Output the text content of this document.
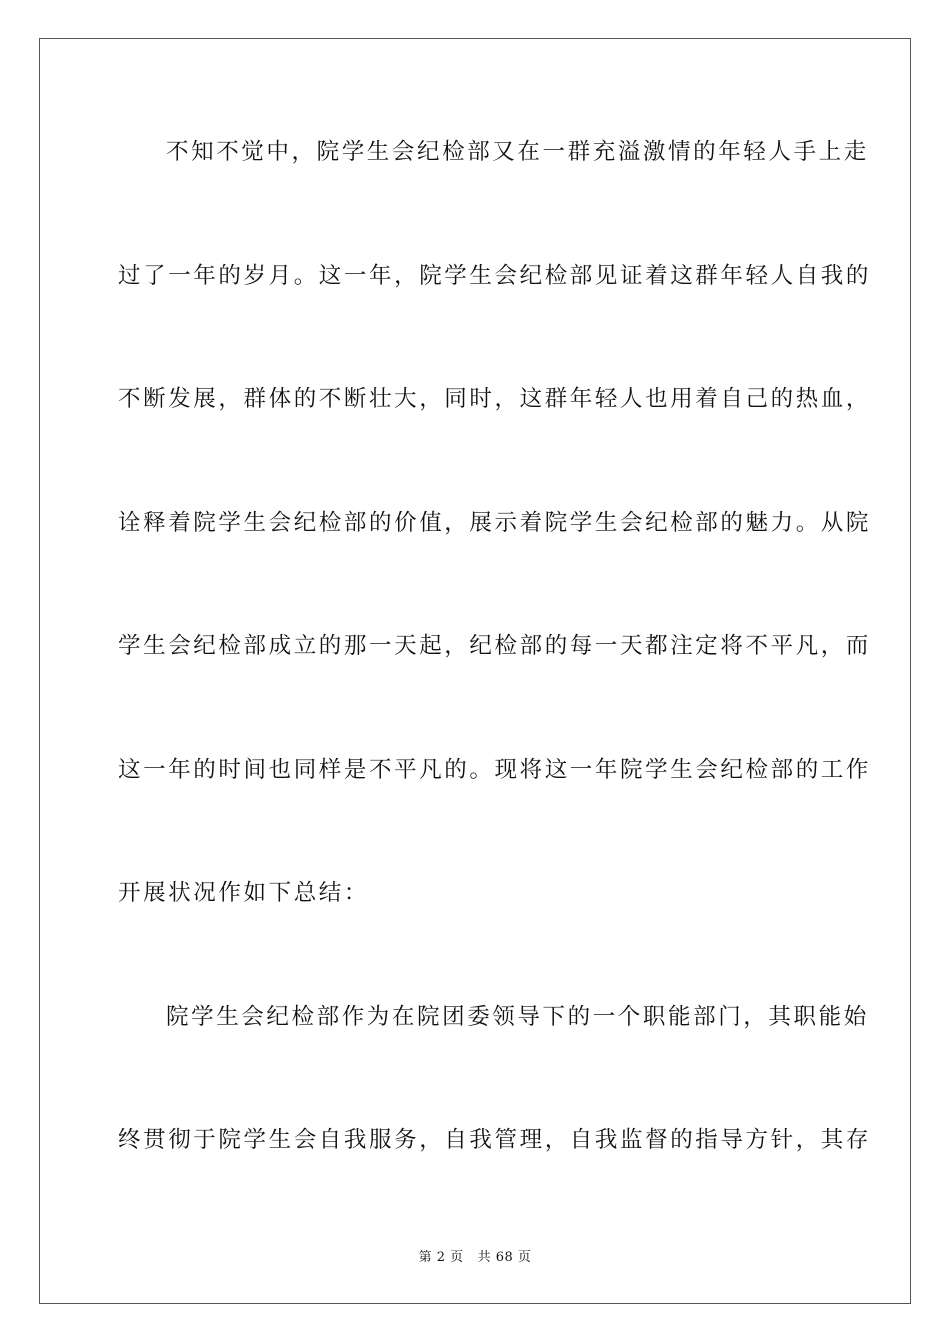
不知不觉中，院学生会纪检部又在一群充溢激情的年轻人手上走
过了一年的岁月。这一年，院学生会纪检部见证着这群年轻人自我的
不断发展，群体的不断壮大，同时，这群年轻人也用着自己的热血，
诠释着院学生会纪检部的价值，展示着院学生会纪检部的魅力。从院
学生会纪检部成立的那一天起，纪检部的每一天都注定将不平凡，而
这一年的时间也同样是不平凡的。现将这一年院学生会纪检部的工作
开展状况作如下总结：
院学生会纪检部作为在院团委领导下的一个职能部门，其职能始
终贯彻于院学生会自我服务，自我管理，自我监督的指导方针，其存
第 2 页 共 68 页
